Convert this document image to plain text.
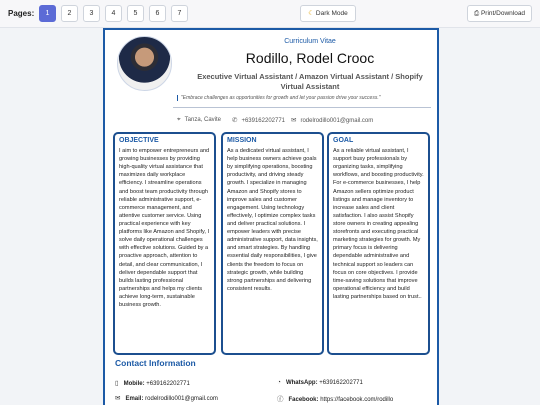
Pages:	1	2	3	4	5	6	7	☾ Dark Mode	⎙ Print/Download
Curriculum Vitae
Rodillo, Rodel Crooc
Executive Virtual Assistant / Amazon Virtual Assistant / Shopify Virtual Assistant
"Embrace challenges as opportunities for growth and let your passion drive your success."
⌖ Tanza, Cavite ✆ +639162202771 ✉ rodelrodillo001@gmail.com
OBJECTIVE
I aim to empower entrepreneurs and growing businesses by providing high-quality virtual assistance that maximizes daily workplace efficiency. I streamline operations and boost team productivity through reliable administrative support, e-commerce management, and attentive customer service. Using practical experience with key platforms like Amazon and Shopify, I solve daily operational challenges with effective solutions. Guided by a proactive approach, attention to detail, and clear communication, I deliver dependable support that builds lasting professional partnerships and helps my clients achieve long-term, sustainable business growth.
MISSION
As a dedicated virtual assistant, I help business owners achieve goals by simplifying operations, boosting productivity, and driving steady growth. I specialize in managing Amazon and Shopify stores to improve sales and customer engagement. Using technology effectively, I optimize complex tasks and deliver practical solutions. I empower leaders with precise administrative support, data insights, and smart strategies. By handling essential daily responsibilities, I give clients the freedom to focus on strategic growth, while building strong partnerships and delivering consistent results.
GOAL
As a reliable virtual assistant, I support busy professionals by organizing tasks, simplifying workflows, and boosting productivity. For e-commerce businesses, I help Amazon sellers optimize product listings and manage inventory to increase sales and client satisfaction. I also assist Shopify store owners in creating appealing storefronts and executing practical marketing strategies for growth. My primary focus is delivering dependable administrative and technical support so leaders can focus on core objectives. I provide time-saving solutions that improve operational efficiency and build lasting partnerships based on trust..
Contact Information
▯ Mobile: +639162202771	◔ WhatsApp: +639162202771
✉ Email: rodelrodillo001@gmail.com	ⓕ Facebook: https://facebook.com/rodillo
